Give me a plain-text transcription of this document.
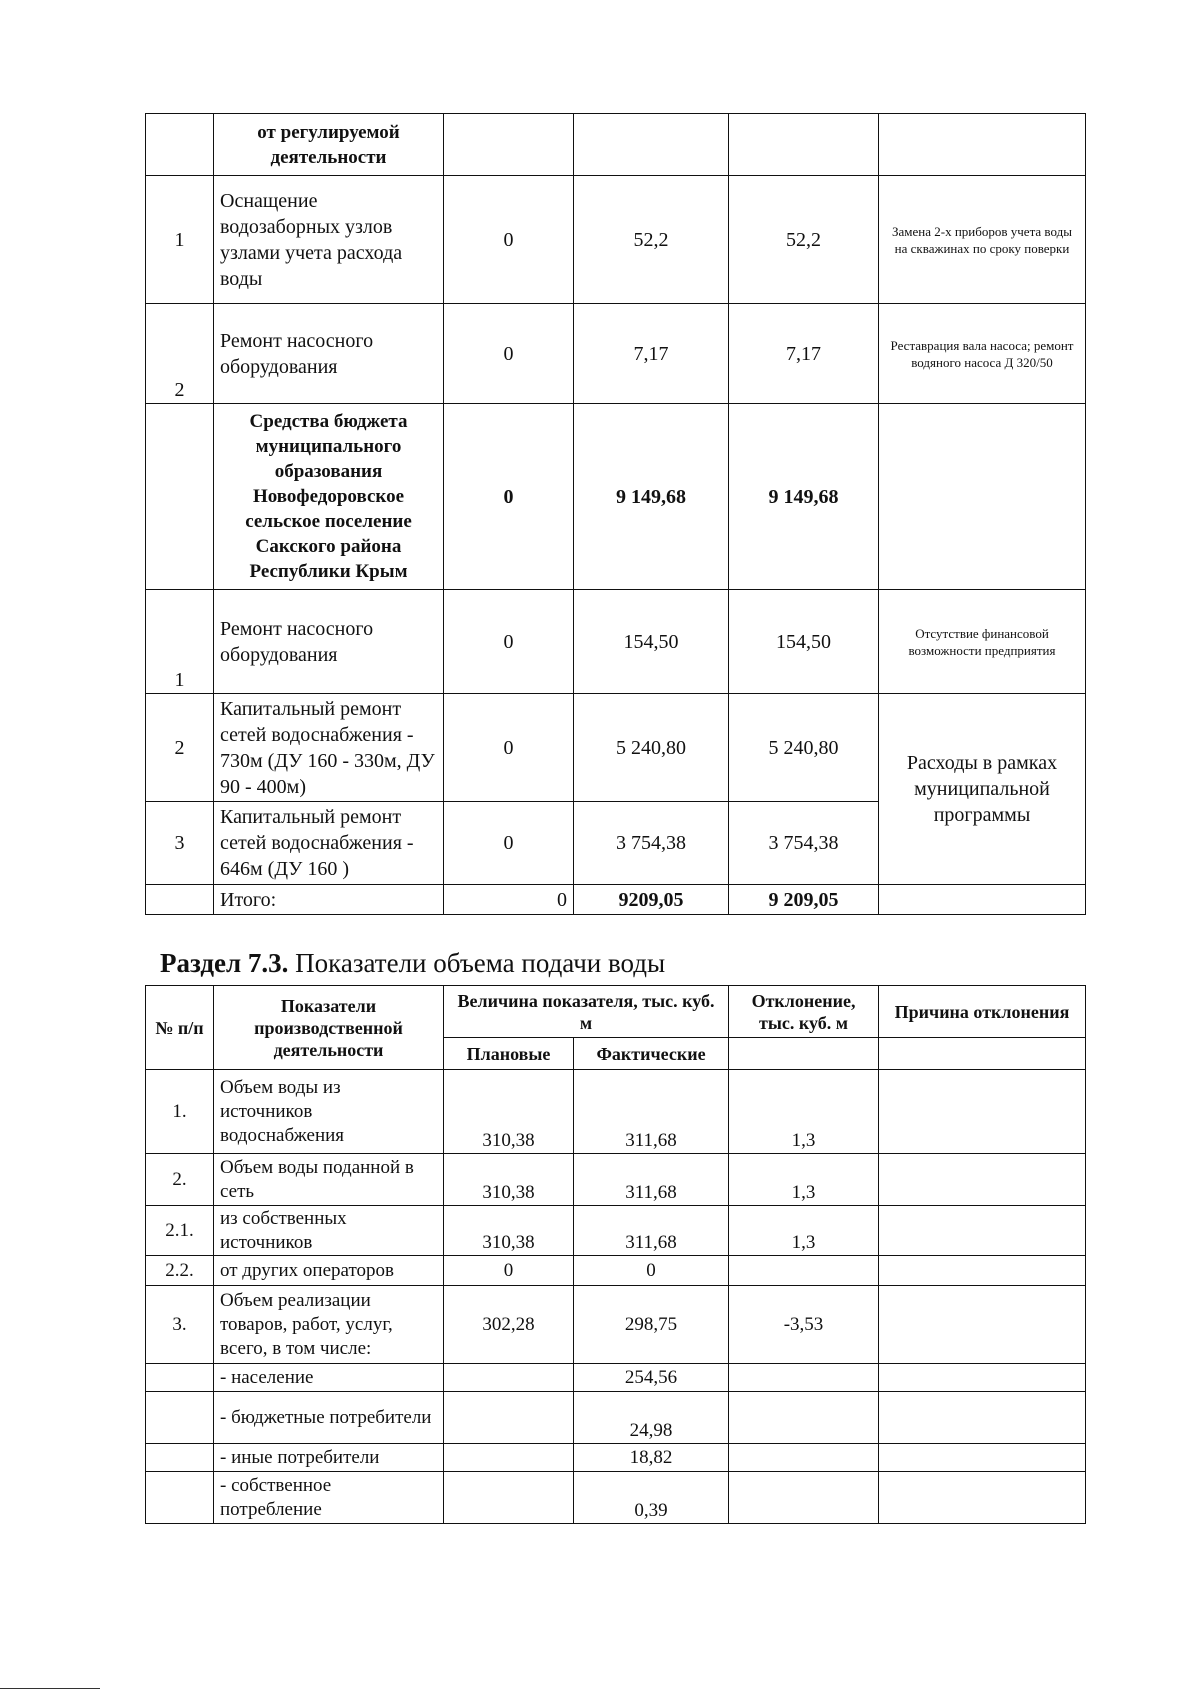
	от регулируемой деятельности				
1	Оснащение водозаборных узлов узлами учета расхода воды	0	52,2	52,2	Замена 2-х приборов учета воды на скважинах по сроку поверки
2	Ремонт насосного оборудования	0	7,17	7,17	Реставрация вала насоса; ремонт водяного насоса Д 320/50
	Средства бюджета муниципального образования Новофедоровское сельское поселение Сакского района Республики Крым	0	9 149,68	9 149,68	
1	Ремонт насосного оборудования	0	154,50	154,50	Отсутствие финансовой возможности предприятия
2	Капитальный ремонт сетей водоснабжения - 730м (ДУ 160 - 330м, ДУ 90 - 400м)	0	5 240,80	5 240,80	Расходы в рамках муниципальной программы
3	Капитальный ремонт сетей водоснабжения - 646м (ДУ 160 )	0	3 754,38	3 754,38	
	Итого:	0	9209,05	9 209,05	
Раздел 7.3. Показатели объема подачи воды
№ п/п	Показатели производственной деятельности	Величина показателя, тыс. куб. м		Отклонение, тыс. куб. м	Причина отклонения
		Плановые	Фактические		
1.	Объем воды из источников водоснабжения	310,38	311,68	1,3	
2.	Объем воды поданной в сеть	310,38	311,68	1,3	
2.1.	из собственных источников	310,38	311,68	1,3	
2.2.	от других операторов	0	0		
3.	Объем реализации товаров, работ, услуг, всего, в том числе:	302,28	298,75	-3,53	
	- население		254,56		
	- бюджетные потребители		24,98		
	- иные потребители		18,82		
	- собственное потребление		0,39		
